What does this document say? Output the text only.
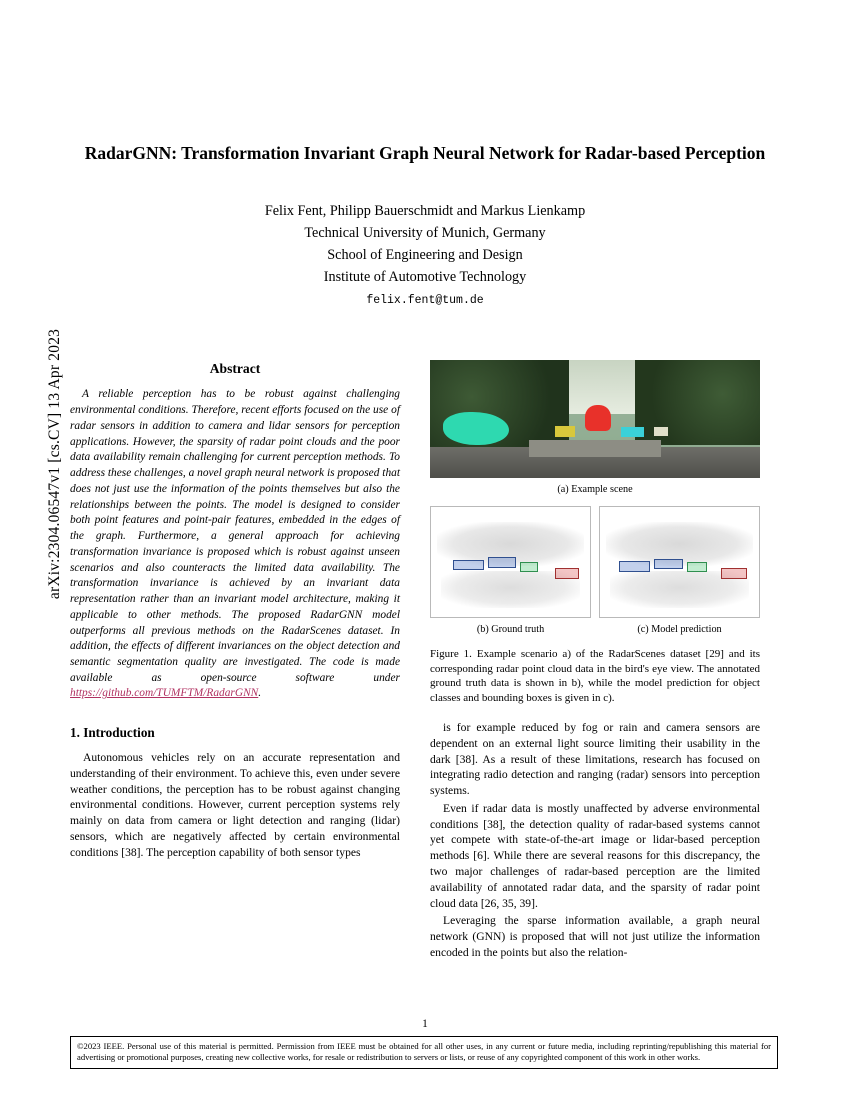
arXiv:2304.06547v1 [cs.CV] 13 Apr 2023
RadarGNN: Transformation Invariant Graph Neural Network for Radar-based Perception
Felix Fent, Philipp Bauerschmidt and Markus Lienkamp
Technical University of Munich, Germany
School of Engineering and Design
Institute of Automotive Technology
felix.fent@tum.de
Abstract

A reliable perception has to be robust against challenging environmental conditions. Therefore, recent efforts focused on the use of radar sensors in addition to camera and lidar sensors for perception applications. However, the sparsity of radar point clouds and the poor data availability remain challenging for current perception methods. To address these challenges, a novel graph neural network is proposed that does not just use the information of the points themselves but also the relationships between the points. The model is designed to consider both point features and point-pair features, embedded in the edges of the graph. Furthermore, a general approach for achieving transformation invariance is proposed which is robust against unseen scenarios and also counteracts the limited data availability. The transformation invariance is achieved by an invariant data representation rather than an invariant model architecture, making it applicable to other methods. The proposed RadarGNN model outperforms all previous methods on the RadarScenes dataset. In addition, the effects of different invariances on the object detection and semantic segmentation quality are investigated. The code is made available as open-source software under https://github.com/TUMFTM/RadarGNN.

1. Introduction

Autonomous vehicles rely on an accurate representation and understanding of their environment. To achieve this, even under severe weather conditions, the perception has to be robust against changing environmental conditions. However, current perception systems rely mainly on data from camera or light detection and ranging (lidar) sensors, which are negatively affected by certain environmental conditions [38]. The perception capability of both sensor types

(a) Example scene
(b) Ground truth	(c) Model prediction
Figure 1. Example scenario a) of the RadarScenes dataset [29] and its corresponding radar point cloud data in the bird's eye view. The annotated ground truth data is shown in b), while the model prediction for object classes and bounding boxes is given in c).

is for example reduced by fog or rain and camera sensors are dependent on an external light source limiting their usability in the dark [38]. As a result of these limitations, research has focused on integrating radio detection and ranging (radar) sensors into perception systems.

Even if radar data is mostly unaffected by adverse environmental conditions [38], the detection quality of radar-based systems cannot yet compete with state-of-the-art image or lidar-based perception methods [6]. While there are several reasons for this discrepancy, the two major challenges of radar-based perception are the limited availability of annotated radar data, and the sparsity of radar point cloud data [26, 35, 39].

Leveraging the sparse information available, a graph neural network (GNN) is proposed that will not just utilize the information encoded in the points but also the relation-

1
©2023 IEEE. Personal use of this material is permitted. Permission from IEEE must be obtained for all other uses, in any current or future media, including reprinting/republishing this material for advertising or promotional purposes, creating new collective works, for resale or redistribution to servers or lists, or reuse of any copyrighted component of this work in other works.
